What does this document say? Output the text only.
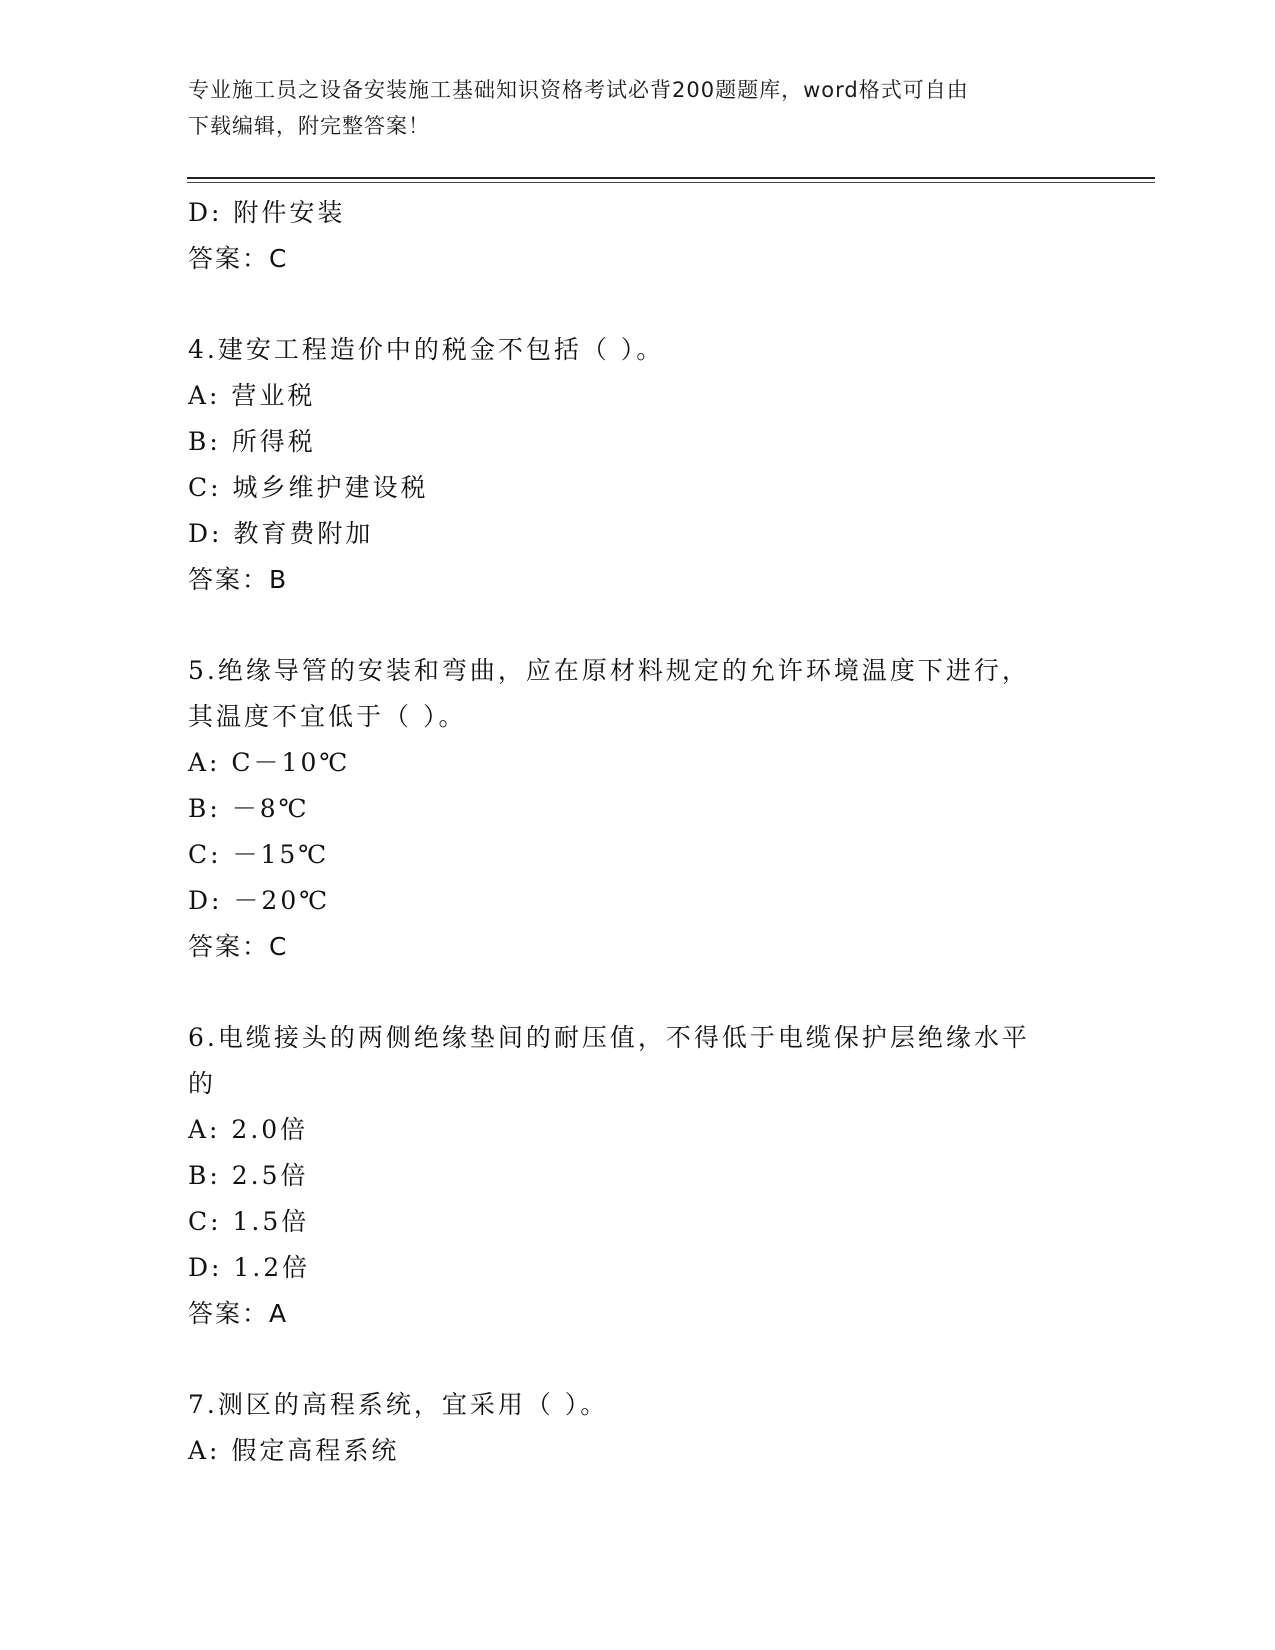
专业施工员之设备安装施工基础知识资格考试必背200题题库，word格式可自由
下载编辑，附完整答案！
D: 附件安装
答案：C
4.建安工程造价中的税金不包括（ ）。
A: 营业税
B: 所得税
C: 城乡维护建设税
D: 教育费附加
答案：B
5.绝缘导管的安装和弯曲，应在原材料规定的允许环境温度下进行，
其温度不宜低于（ ）。
A: C－10℃
B: －8℃
C: －15℃
D: －20℃
答案：C
6.电缆接头的两侧绝缘垫间的耐压值，不得低于电缆保护层绝缘水平
的
A: 2.0倍
B: 2.5倍
C: 1.5倍
D: 1.2倍
答案：A
7.测区的高程系统，宜采用（ ）。
A: 假定高程系统
